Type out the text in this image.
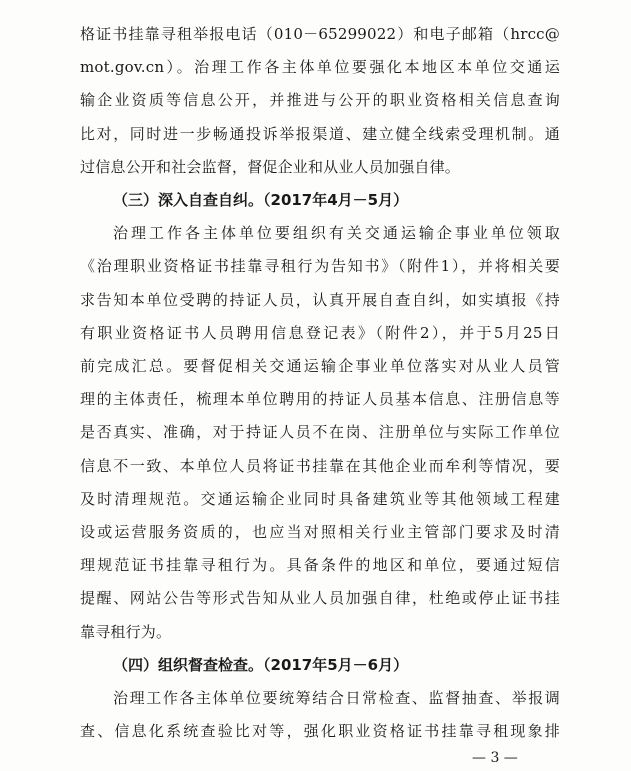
格证书挂靠寻租举报电话（010－65299022）和电子邮箱（hrcc@
mot.gov.cn）。治理工作各主体单位要强化本地区本单位交通运
输企业资质等信息公开，并推进与公开的职业资格相关信息查询
比对，同时进一步畅通投诉举报渠道、建立健全线索受理机制。通
过信息公开和社会监督，督促企业和从业人员加强自律。
（三）深入自查自纠。（2017年4月－5月）
治理工作各主体单位要组织有关交通运输企事业单位领取
《治理职业资格证书挂靠寻租行为告知书》（附件1），并将相关要
求告知本单位受聘的持证人员，认真开展自查自纠，如实填报《持
有职业资格证书人员聘用信息登记表》（附件2），并于5月25日
前完成汇总。要督促相关交通运输企事业单位落实对从业人员管
理的主体责任，梳理本单位聘用的持证人员基本信息、注册信息等
是否真实、准确，对于持证人员不在岗、注册单位与实际工作单位
信息不一致、本单位人员将证书挂靠在其他企业而牟利等情况，要
及时清理规范。交通运输企业同时具备建筑业等其他领域工程建
设或运营服务资质的，也应当对照相关行业主管部门要求及时清
理规范证书挂靠寻租行为。具备条件的地区和单位，要通过短信
提醒、网站公告等形式告知从业人员加强自律，杜绝或停止证书挂
靠寻租行为。
（四）组织督查检查。（2017年5月－6月）
— 3 —
治理工作各主体单位要统筹结合日常检查、监督抽查、举报调
查、信息化系统查验比对等，强化职业资格证书挂靠寻租现象排
